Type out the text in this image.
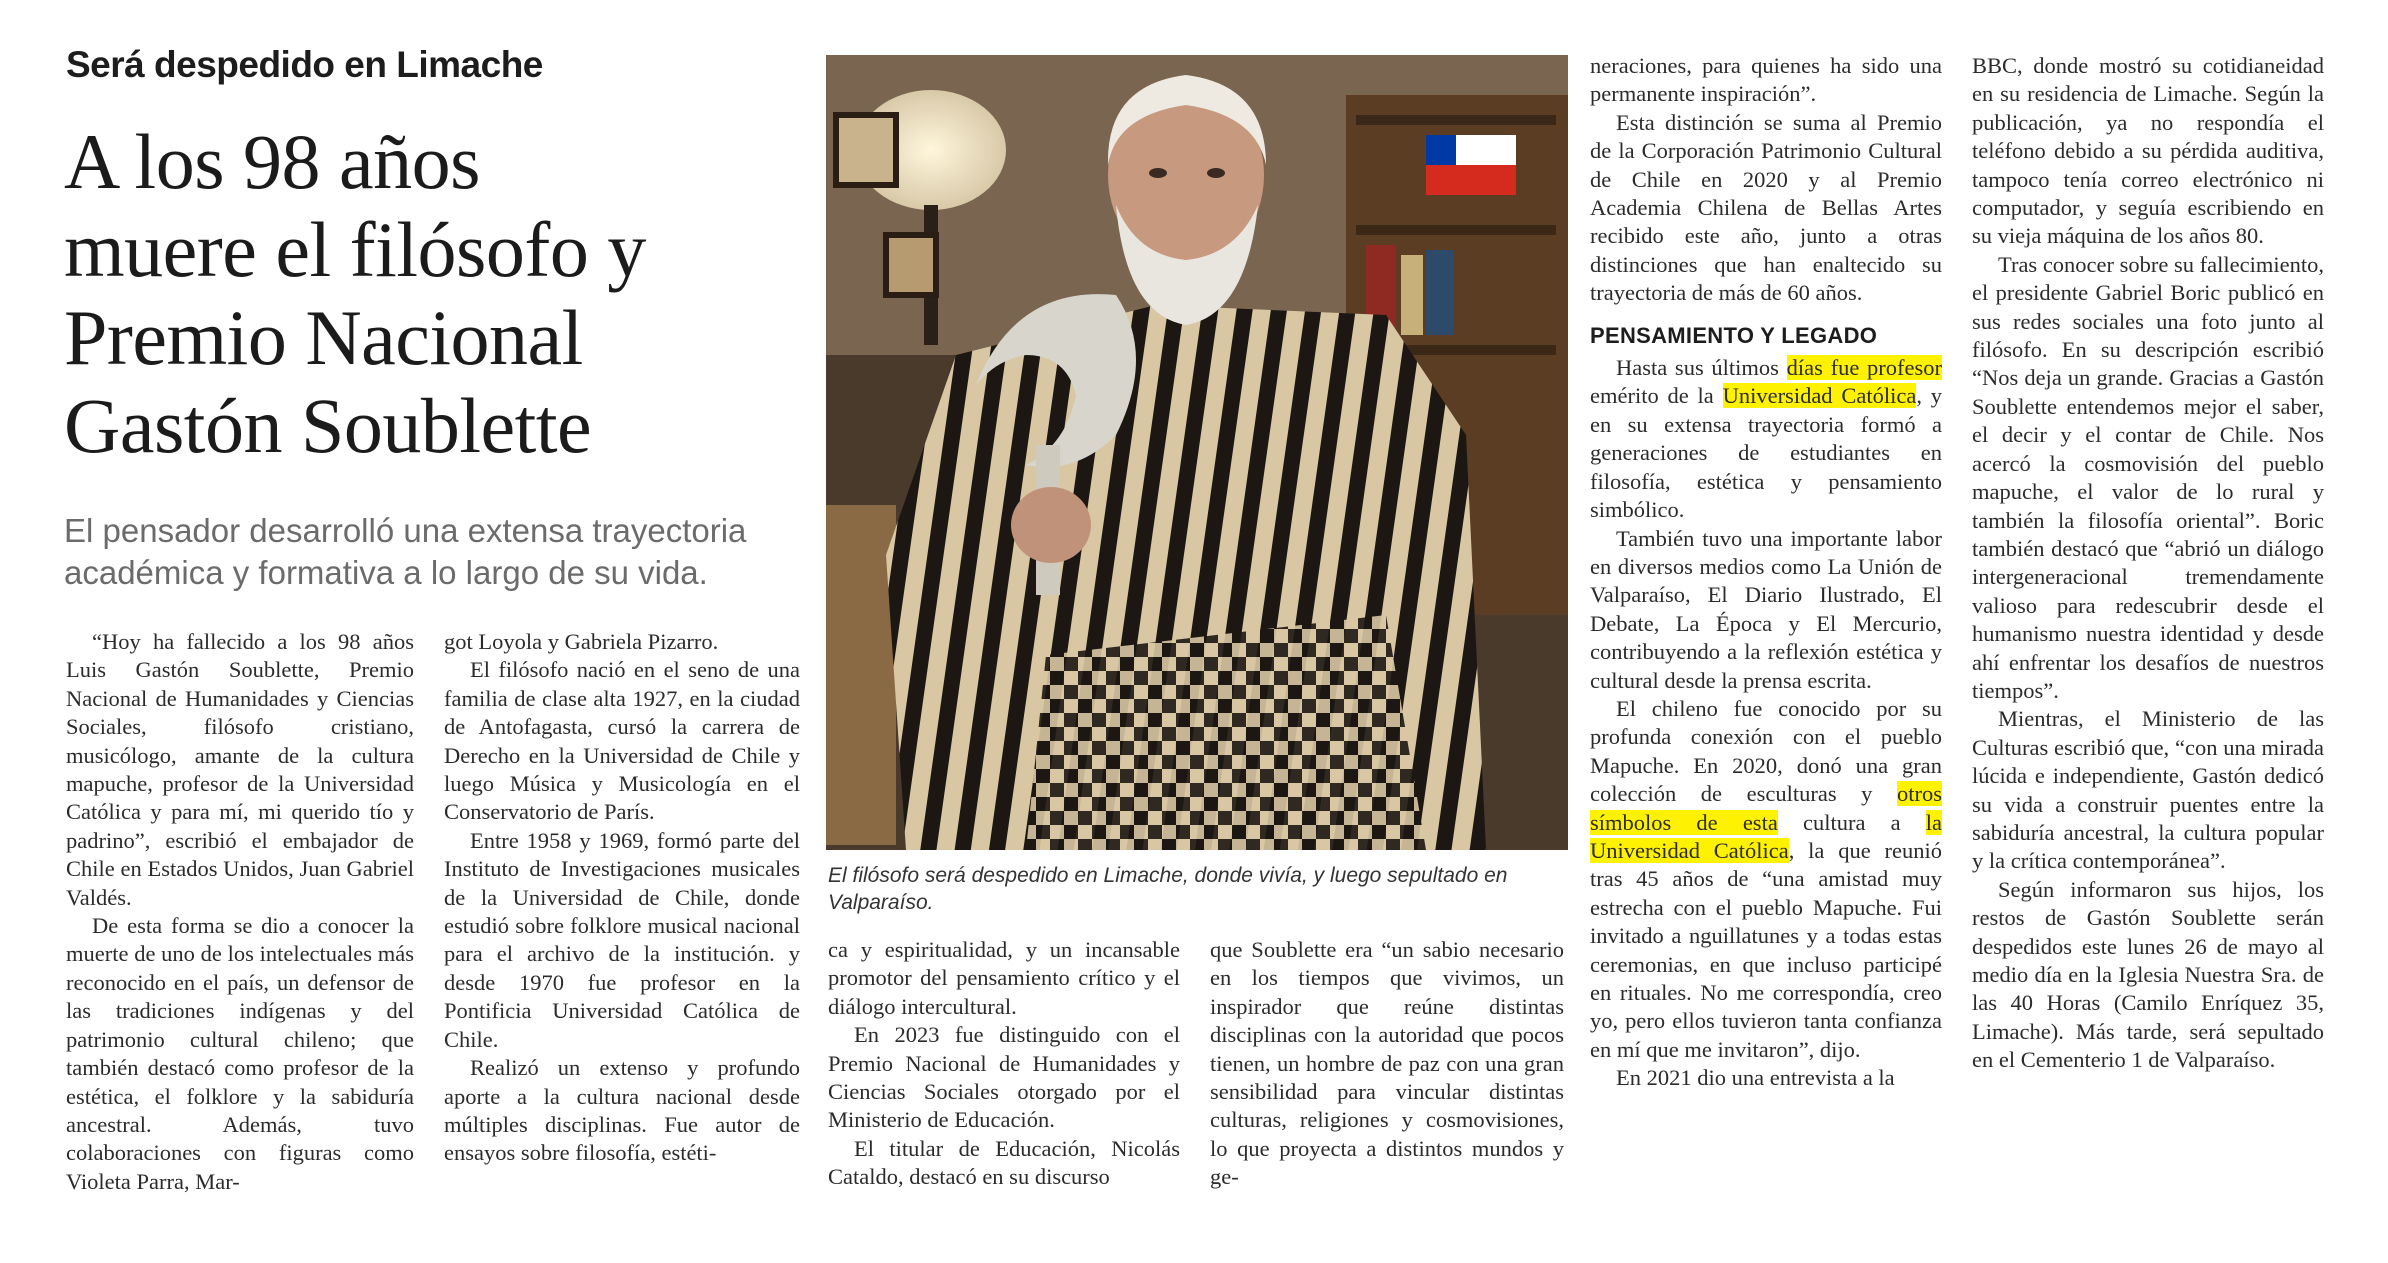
Será despedido en Limache
A los 98 años
muere el filósofo y
Premio Nacional
Gastón Soublette
El pensador desarrolló una extensa trayectoria
académica y formativa a lo largo de su vida.

“Hoy ha fallecido a los 98 años Luis Gastón Soublette, Premio Nacional de Humanidades y Ciencias Sociales, filósofo cristiano, musicólogo, amante de la cultura mapuche, profesor de la Universidad Católica y para mí, mi querido tío y padrino”, escribió el embajador de Chile en Estados Unidos, Juan Gabriel Valdés.

De esta forma se dio a conocer la muerte de uno de los intelectuales más reconocido en el país, un defensor de las tradiciones indígenas y del patrimonio cultural chileno; que también destacó como profesor de la estética, el folklore y la sabiduría ancestral. Además, tuvo colaboraciones con figuras como Violeta Parra, Mar-

got Loyola y Gabriela Pizarro.

El filósofo nació en el seno de una familia de clase alta 1927, en la ciudad de Antofagasta, cursó la carrera de Derecho en la Universidad de Chile y luego Música y Musicología en el Conservatorio de París.

Entre 1958 y 1969, formó parte del Instituto de Investigaciones musicales de la Universidad de Chile, donde estudió sobre folklore musical nacional para el archivo de la institución. y desde 1970 fue profesor en la Pontificia Universidad Católica de Chile.

Realizó un extenso y profundo aporte a la cultura nacional desde múltiples disciplinas. Fue autor de ensayos sobre filosofía, estéti-

El filósofo será despedido en Limache, donde vivía, y luego sepultado en Valparaíso.

ca y espiritualidad, y un incansable promotor del pensamiento crítico y el diálogo intercultural.

En 2023 fue distinguido con el Premio Nacional de Humanidades y Ciencias Sociales otorgado por el Ministerio de Educación.

El titular de Educación, Nicolás Cataldo, destacó en su discurso

que Soublette era “un sabio necesario en los tiempos que vivimos, un inspirador que reúne distintas disciplinas con la autoridad que pocos tienen, un hombre de paz con una gran sensibilidad para vincular distintas culturas, religiones y cosmovisiones, lo que proyecta a distintos mundos y ge-

neraciones, para quienes ha sido una permanente inspiración”.

Esta distinción se suma al Premio de la Corporación Patrimonio Cultural de Chile en 2020 y al Premio Academia Chilena de Bellas Artes recibido este año, junto a otras distinciones que han enaltecido su trayectoria de más de 60 años.

PENSAMIENTO Y LEGADO

Hasta sus últimos días fue profesor emérito de la Universidad Católica, y en su extensa trayectoria formó a generaciones de estudiantes en filosofía, estética y pensamiento simbólico.

También tuvo una importante labor en diversos medios como La Unión de Valparaíso, El Diario Ilustrado, El Debate, La Época y El Mercurio, contribuyendo a la reflexión estética y cultural desde la prensa escrita.

El chileno fue conocido por su profunda conexión con el pueblo Mapuche. En 2020, donó una gran colección de esculturas y otros símbolos de esta cultura a la Universidad Católica, la que reunió tras 45 años de “una amistad muy estrecha con el pueblo Mapuche. Fui invitado a nguillatunes y a todas estas ceremonias, en que incluso participé en rituales. No me correspondía, creo yo, pero ellos tuvieron tanta confianza en mí que me invitaron”, dijo.

En 2021 dio una entrevista a la

BBC, donde mostró su cotidianeidad en su residencia de Limache. Según la publicación, ya no respondía el teléfono debido a su pérdida auditiva, tampoco tenía correo electrónico ni computador, y seguía escribiendo en su vieja máquina de los años 80.

Tras conocer sobre su fallecimiento, el presidente Gabriel Boric publicó en sus redes sociales una foto junto al filósofo. En su descripción escribió “Nos deja un grande. Gracias a Gastón Soublette entendemos mejor el saber, el decir y el contar de Chile. Nos acercó la cosmovisión del pueblo mapuche, el valor de lo rural y también la filosofía oriental”. Boric también destacó que “abrió un diálogo intergeneracional tremendamente valioso para redescubrir desde el humanismo nuestra identidad y desde ahí enfrentar los desafíos de nuestros tiempos”.

Mientras, el Ministerio de las Culturas escribió que, “con una mirada lúcida e independiente, Gastón dedicó su vida a construir puentes entre la sabiduría ancestral, la cultura popular y la crítica contemporánea”.

Según informaron sus hijos, los restos de Gastón Soublette serán despedidos este lunes 26 de mayo al medio día en la Iglesia Nuestra Sra. de las 40 Horas (Camilo Enríquez 35, Limache). Más tarde, será sepultado en el Cementerio 1 de Valparaíso.
